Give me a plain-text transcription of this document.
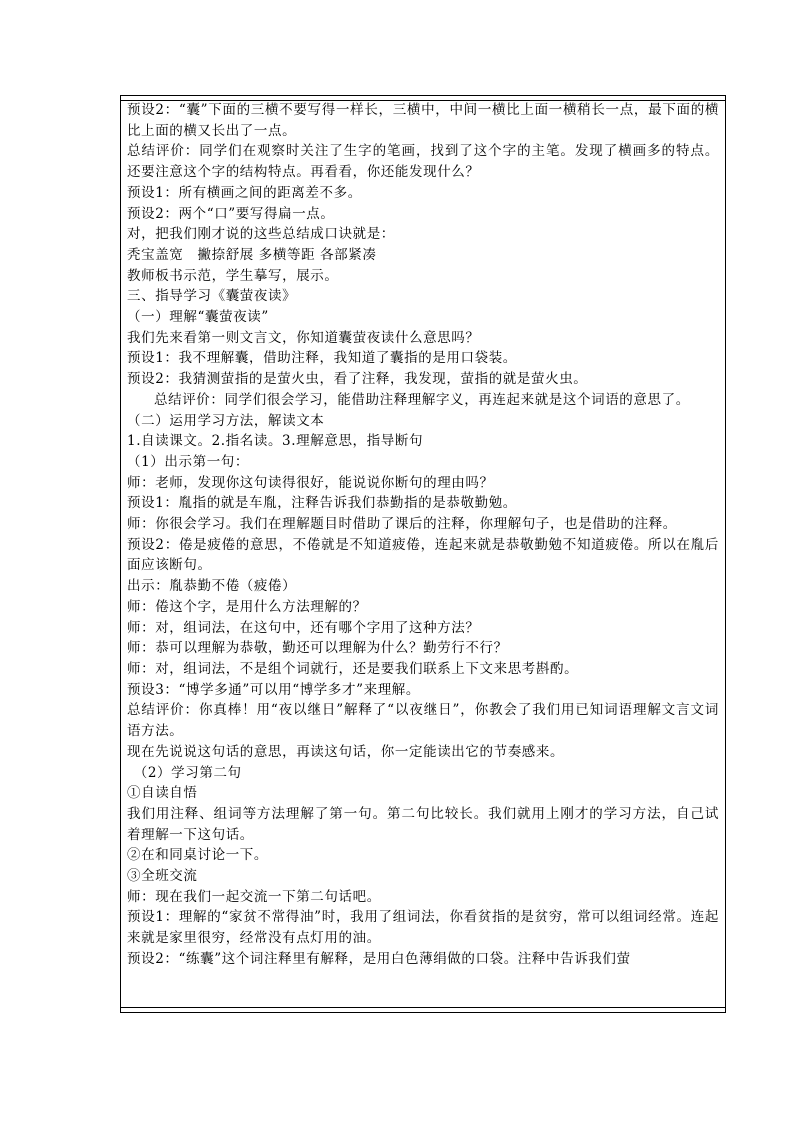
预设2：“囊”下面的三横不要写得一样长，三横中，中间一横比上面一横稍长一点，最下面的横比上面的横又长出了一点。

总结评价：同学们在观察时关注了生字的笔画，找到了这个字的主笔。发现了横画多的特点。还要注意这个字的结构特点。再看看，你还能发现什么？

预设1：所有横画之间的距离差不多。

预设2：两个“口”要写得扁一点。

对，把我们刚才说的这些总结成口诀就是：

秃宝盖宽　撇捺舒展 多横等距 各部紧凑

教师板书示范，学生摹写，展示。

三、指导学习《囊萤夜读》

（一）理解“囊萤夜读”

我们先来看第一则文言文，你知道囊萤夜读什么意思吗？

预设1：我不理解囊，借助注释，我知道了囊指的是用口袋装。

预设2：我猜测萤指的是萤火虫，看了注释，我发现，萤指的就是萤火虫。

总结评价：同学们很会学习，能借助注释理解字义，再连起来就是这个词语的意思了。

（二）运用学习方法，解读文本

1.自读课文。2.指名读。3.理解意思，指导断句

（1）出示第一句：

师：老师，发现你这句读得很好，能说说你断句的理由吗？

预设1：胤指的就是车胤，注释告诉我们恭勤指的是恭敬勤勉。

师：你很会学习。我们在理解题目时借助了课后的注释，你理解句子，也是借助的注释。

预设2：倦是疲倦的意思，不倦就是不知道疲倦，连起来就是恭敬勤勉不知道疲倦。所以在胤后面应该断句。

出示：胤恭勤不倦（疲倦）

师：倦这个字，是用什么方法理解的？

师：对，组词法，在这句中，还有哪个字用了这种方法？

师：恭可以理解为恭敬，勤还可以理解为什么？勤劳行不行？

师：对，组词法，不是组个词就行，还是要我们联系上下文来思考斟酌。

预设3：“博学多通”可以用“博学多才”来理解。

总结评价：你真棒！用“夜以继日”解释了“以夜继日”，你教会了我们用已知词语理解文言文词语方法。

现在先说说这句话的意思，再读这句话，你一定能读出它的节奏感来。

（2）学习第二句

①自读自悟

我们用注释、组词等方法理解了第一句。第二句比较长。我们就用上刚才的学习方法，自己试着理解一下这句话。

②在和同桌讨论一下。

③全班交流

师：现在我们一起交流一下第二句话吧。

预设1：理解的“家贫不常得油”时，我用了组词法，你看贫指的是贫穷，常可以组词经常。连起来就是家里很穷，经常没有点灯用的油。

预设2：“练囊”这个词注释里有解释，是用白色薄绢做的口袋。注释中告诉我们萤
